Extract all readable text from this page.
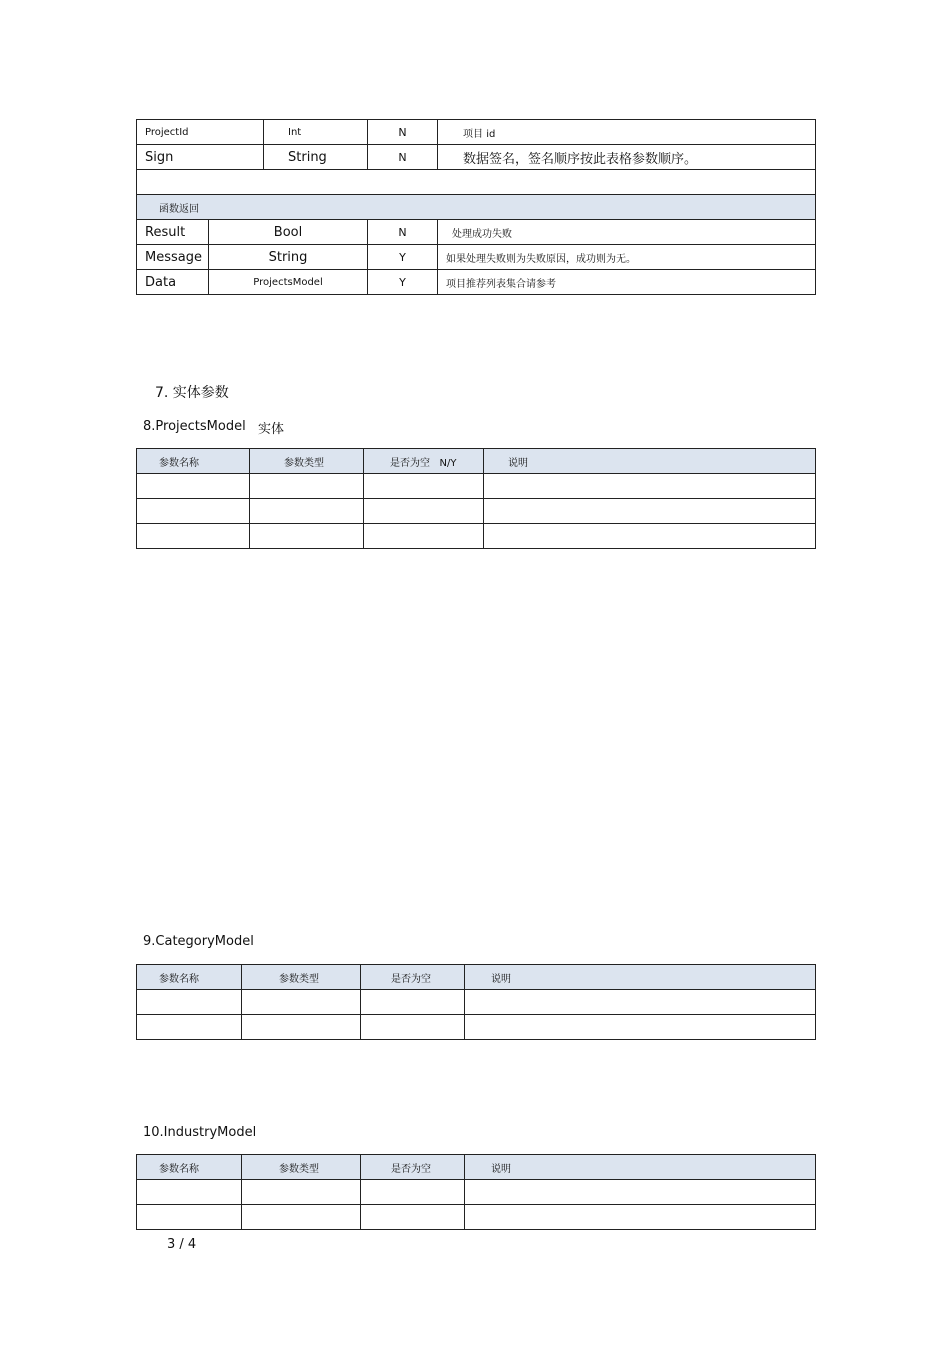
ProjectId		Int	N	项目 id
Sign		String	N	数据签名，签名顺序按此表格参数顺序。

函数返回				
Result	Bool		N	处理成功失败
Message	String		Y	如果处理失败则为失败原因，成功则为无。
Data	ProjectsModel		Y	项目推荐列表集合请参考
7. 实体参数
8.ProjectsModel 实体
参数名称	参数类型	是否为空   N/Y	说明

9.CategoryModel
参数名称	参数类型	是否为空	说明

10.IndustryModel
参数名称	参数类型	是否为空	说明

3 / 4
